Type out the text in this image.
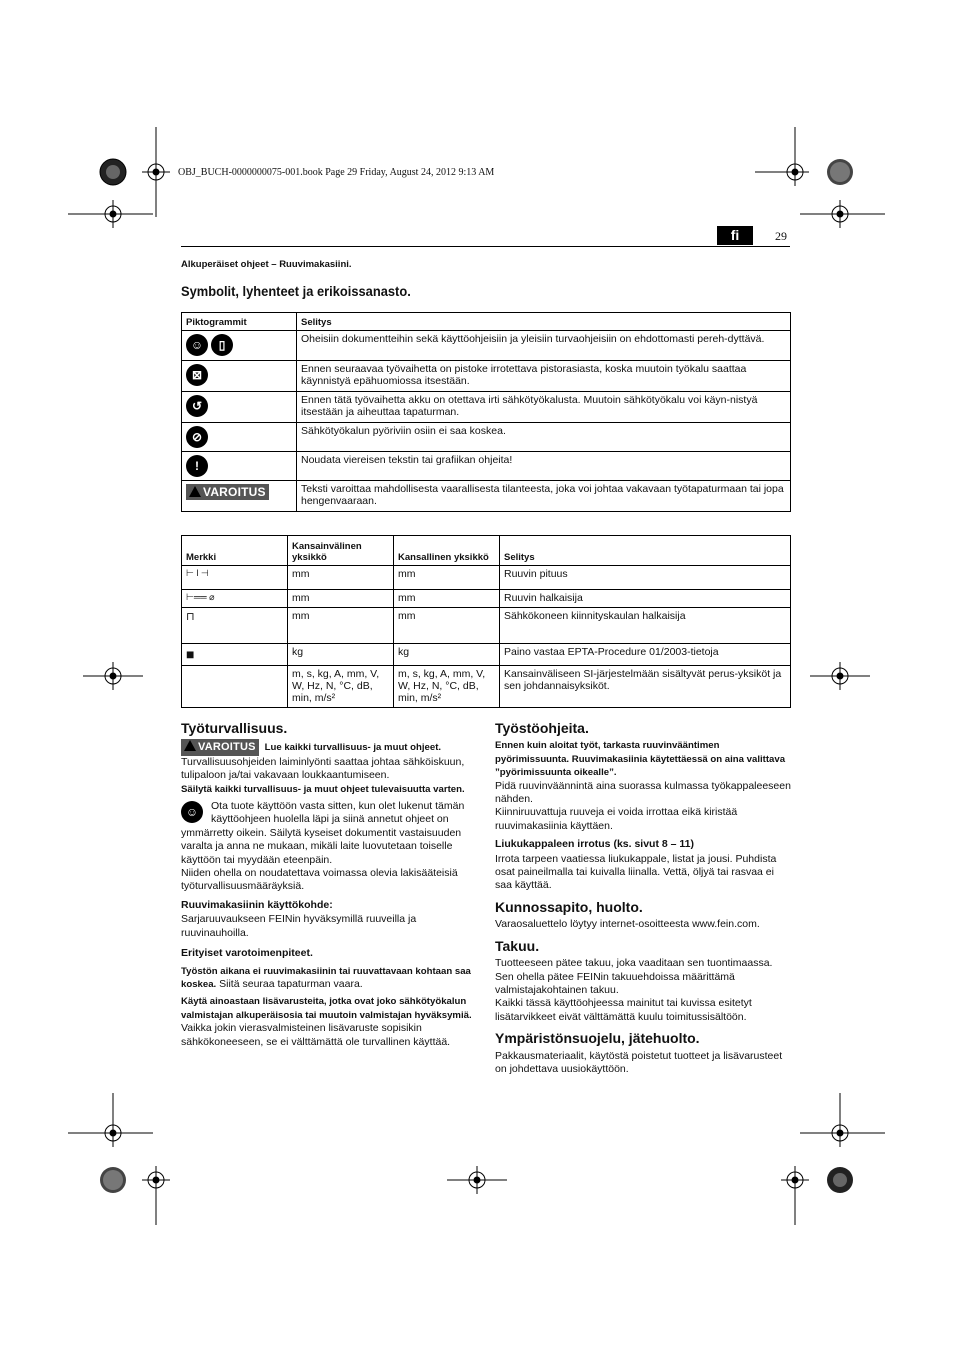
OBJ_BUCH-0000000075-001.book Page 29 Friday, August 24, 2012 9:13 AM
fi	29
Alkuperäiset ohjeet – Ruuvimakasiini.
Symbolit, lyhenteet ja erikoissanasto.
Piktogrammit	Selitys
☺ ▯	Oheisiin dokumentteihin sekä käyttöohjeisiin ja yleisiin turvaohjeisiin on ehdottomasti pereh-dyttävä.
⊠	Ennen seuraavaa työvaihetta on pistoke irrotettava pistorasiasta, koska muutoin työkalu saattaa käynnistyä epähuomiossa itsestään.
↺	Ennen tätä työvaihetta akku on otettava irti sähkötyökalusta. Muutoin sähkötyökalu voi käyn-nistyä itsestään ja aiheuttaa tapaturman.
⊘	Sähkötyökalun pyöriviin osiin ei saa koskea.
!	Noudata viereisen tekstin tai grafiikan ohjeita!
VAROITUS	Teksti varoittaa mahdollisesta vaarallisesta tilanteesta, joka voi johtaa vakavaan työtapaturmaan tai jopa hengenvaaraan.
Merkki	Kansainvälinen yksikkö	Kansallinen yksikkö	Selitys
⊢ l ⊣	mm	mm	Ruuvin pituus
⊢══ ⌀	mm	mm	Ruuvin halkaisija
⊓	mm	mm	Sähkökoneen kiinnityskaulan halkaisija
■	kg	kg	Paino vastaa EPTA-Procedure 01/2003-tietoja
	m, s, kg, A, mm, V, W, Hz, N, °C, dB, min, m/s²	m, s, kg, A, mm, V, W, Hz, N, °C, dB, min, m/s²	Kansainväliseen SI-järjestelmään sisältyvät perus-yksiköt ja sen johdannaisyksiköt.
Työturvallisuus.

VAROITUS Lue kaikki turvallisuus- ja muut ohjeet. Turvallisuusohjeiden laiminlyönti saattaa johtaa sähköiskuun, tulipaloon ja/tai vakavaan loukkaantumiseen.

Säilytä kaikki turvallisuus- ja muut ohjeet tulevaisuutta varten.

☺	Ota tuote käyttöön vasta sitten, kun olet lukenut tämän käyttöohjeen huolella läpi ja siinä annetut ohjeet on ymmärretty oikein. Säilytä kyseiset dokumentit vastaisuuden varalta ja anna ne mukaan, mikäli laite luovutetaan toiselle käyttöön tai myydään eteenpäin.

Niiden ohella on noudatettava voimassa olevia lakisääteisiä työturvallisuusmääräyksiä.

Ruuvimakasiinin käyttökohde:

Sarjaruuvaukseen FEINin hyväksymillä ruuveilla ja ruuvinauhoilla.

Erityiset varotoimenpiteet.

Työstön aikana ei ruuvimakasiinin tai ruuvattavaan kohtaan saa koskea. Siitä seuraa tapaturman vaara.

Käytä ainoastaan lisävarusteita, jotka ovat joko sähkötyökalun valmistajan alkuperäisosia tai muutoin valmistajan hyväksymiä. Vaikka jokin vierasvalmisteinen lisävaruste sopisikin sähkökoneeseen, se ei välttämättä ole turvallinen käyttää.

Työstöohjeita.

Ennen kuin aloitat työt, tarkasta ruuvinvääntimen pyörimissuunta. Ruuvimakasiinia käytettäessä on aina valittava ”pyörimissuunta oikealle”.

Pidä ruuvinväännintä aina suorassa kulmassa työkappaleeseen nähden.

Kiinniruuvattuja ruuveja ei voida irrottaa eikä kiristää ruuvimakasiinia käyttäen.

Liukukappaleen irrotus (ks. sivut 8 – 11)

Irrota tarpeen vaatiessa liukukappale, listat ja jousi. Puhdista osat paineilmalla tai kuivalla liinalla. Vettä, öljyä tai rasvaa ei saa käyttää.

Kunnossapito, huolto.

Varaosaluettelo löytyy internet-osoitteesta www.fein.com.

Takuu.

Tuotteeseen pätee takuu, joka vaaditaan sen tuontimaassa. Sen ohella pätee FEINin takuuehdoissa määrittämä valmistajakohtainen takuu.

Kaikki tässä käyttöohjeessa mainitut tai kuvissa esitetyt lisätarvikkeet eivät välttämättä kuulu toimitussisältöön.

Ympäristönsuojelu, jätehuolto.

Pakkausmateriaalit, käytöstä poistetut tuotteet ja lisävarusteet on johdettava uusiokäyttöön.
